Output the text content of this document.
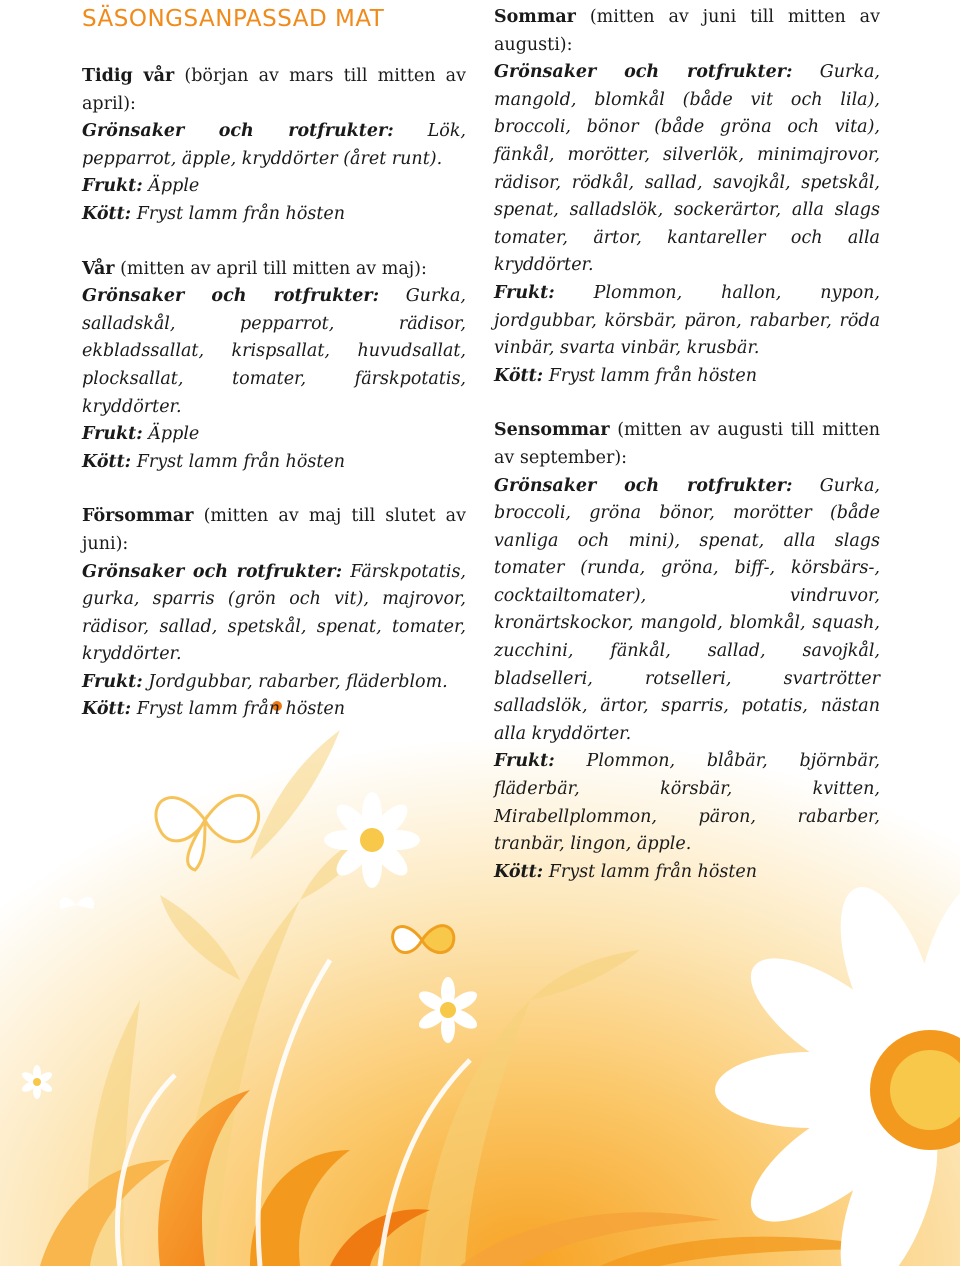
SÄSONGSANPASSAD MAT

Tidig vår (början av mars till mitten av april):

Grönsaker och rotfrukter: Lök, pepparrot, äpple, kryddörter (året runt).

Frukt: Äpple

Kött: Fryst lamm från hösten

Vår (mitten av april till mitten av maj):

Grönsaker och rotfrukter: Gurka, salladskål, pepparrot, rädisor, ekbladssallat, krispsallat, huvudsallat, plocksallat, tomater, färskpotatis, kryddörter.

Frukt: Äpple

Kött: Fryst lamm från hösten

Försommar (mitten av maj till slutet av juni):

Grönsaker och rotfrukter: Färskpotatis, gurka, sparris (grön och vit), majrovor, rädisor, sallad, spetskål, spenat, tomater, kryddörter.

Frukt: Jordgubbar, rabarber, fläderblom.

Kött: Fryst lamm från hösten

Sommar (mitten av juni till mitten av augusti):

Grönsaker och rotfrukter: Gurka, mangold, blomkål (både vit och lila), broccoli, bönor (både gröna och vita), fänkål, morötter, silverlök, minimajrovor, rädisor, rödkål, sallad, savojkål, spetskål, spenat, salladslök, sockerärtor, alla slags tomater, ärtor, kantareller och alla kryddörter.

Frukt: Plommon, hallon, nypon, jordgubbar, körsbär, päron, rabarber, röda vinbär, svarta vinbär, krusbär.

Kött: Fryst lamm från hösten

Sensommar (mitten av augusti till mitten av september):

Grönsaker och rotfrukter: Gurka, broccoli, gröna bönor, morötter (både vanliga och mini), spenat, alla slags tomater (runda, gröna, biff-, körsbärs-, cocktailtomater), vindruvor, kronärtskockor, mangold, blomkål, squash, zucchini, fänkål, sallad, savojkål, bladselleri, rotselleri, svartrötter salladslök, ärtor, sparris, potatis, nästan alla kryddörter.

Frukt: Plommon, blåbär, björnbär, fläderbär, körsbär, kvitten, Mirabellplommon, päron, rabarber, tranbär, lingon, äpple.

Kött: Fryst lamm från hösten
